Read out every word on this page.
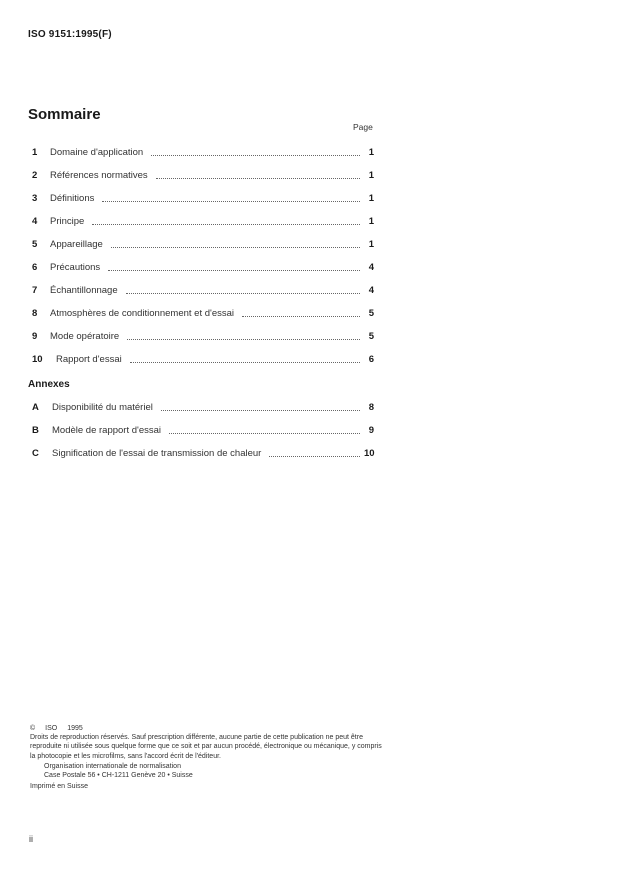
ISO 9151:1995(F)
Sommaire
Page
1	Domaine d'application	1
2	Références normatives	1
3	Définitions	1
4	Principe	1
5	Appareillage	1
6	Précautions	4
7	Échantillonnage	4
8	Atmosphères de conditionnement et d'essai	5
9	Mode opératoire	5
10	Rapport d'essai	6
Annexes
A	Disponibilité du matériel	8
B	Modèle de rapport d'essai	9
C	Signification de l'essai de transmission de chaleur	10
© ISO 1995
Droits de reproduction réservés. Sauf prescription différente, aucune partie de cette publication ne peut être reproduite ni utilisée sous quelque forme que ce soit et par aucun procédé, électronique ou mécanique, y compris la photocopie et les microfilms, sans l'accord écrit de l'éditeur.
Organisation internationale de normalisation
Case Postale 56 • CH-1211 Genève 20 • Suisse
Imprimé en Suisse
ii
